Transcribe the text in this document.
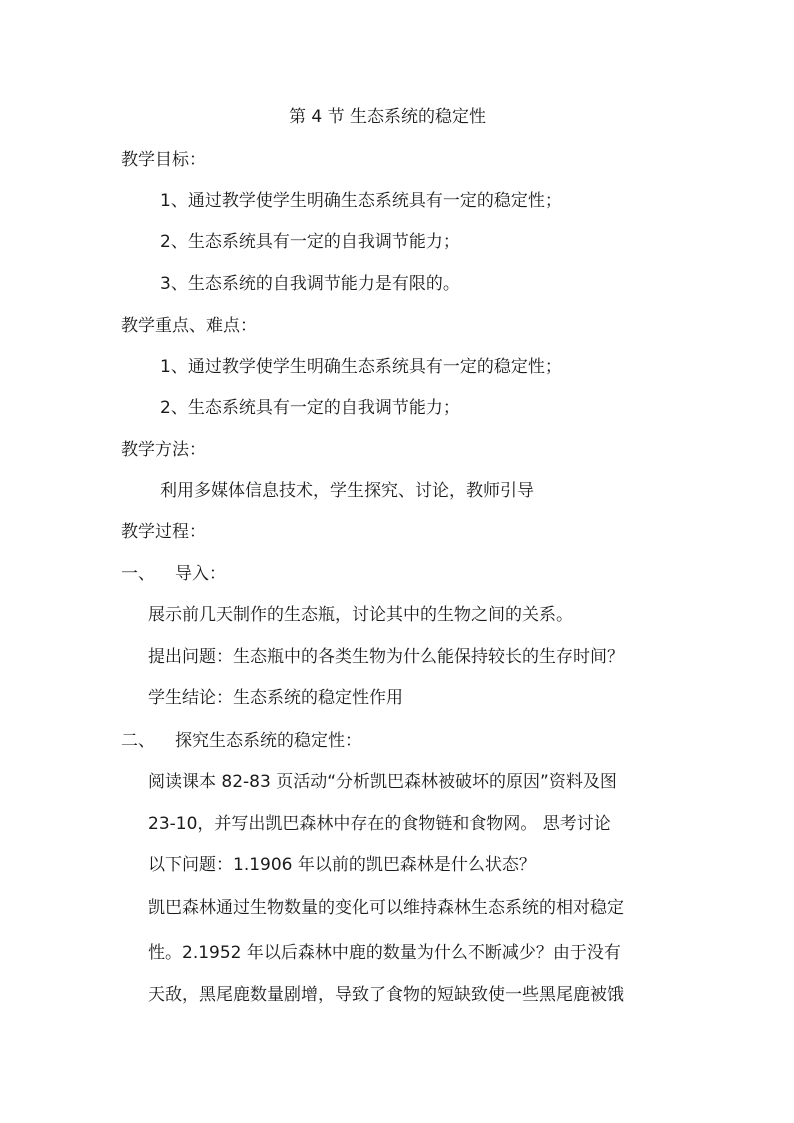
第 4 节 生态系统的稳定性
教学目标：
1、通过教学使学生明确生态系统具有一定的稳定性；
2、生态系统具有一定的自我调节能力；
3、生态系统的自我调节能力是有限的。
教学重点、难点：
1、通过教学使学生明确生态系统具有一定的稳定性；
2、生态系统具有一定的自我调节能力；
教学方法：
利用多媒体信息技术，学生探究、讨论，教师引导
教学过程：
一、 导入：
展示前几天制作的生态瓶，讨论其中的生物之间的关系。
提出问题：生态瓶中的各类生物为什么能保持较长的生存时间？
学生结论：生态系统的稳定性作用
二、 探究生态系统的稳定性：
阅读课本 82-83 页活动“分析凯巴森林被破坏的原因”资料及图
23-10，并写出凯巴森林中存在的食物链和食物网。 思考讨论
以下问题：1.1906 年以前的凯巴森林是什么状态？
凯巴森林通过生物数量的变化可以维持森林生态系统的相对稳定
性。2.1952 年以后森林中鹿的数量为什么不断减少？由于没有
天敌，黑尾鹿数量剧增，导致了食物的短缺致使一些黑尾鹿被饿
